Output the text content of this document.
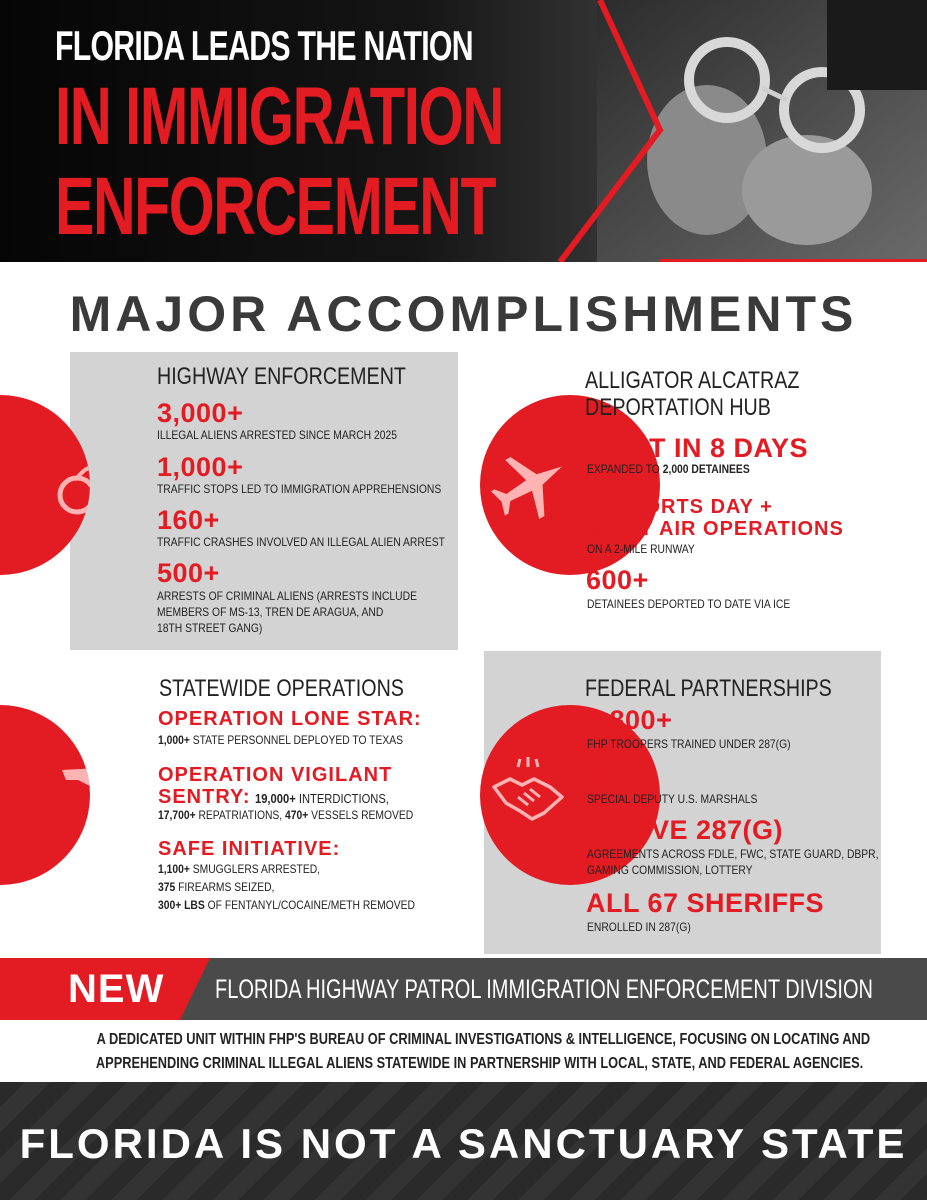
FLORIDA LEADS THE NATION
IN IMMIGRATION
ENFORCEMENT
MAJOR ACCOMPLISHMENTS
HIGHWAY ENFORCEMENT
3,000+
ILLEGAL ALIENS ARRESTED SINCE MARCH 2025
1,000+
TRAFFIC STOPS LED TO IMMIGRATION APPREHENSIONS
160+
TRAFFIC CRASHES INVOLVED AN ILLEGAL ALIEN ARREST
500+
ARRESTS OF CRIMINAL ALIENS (ARRESTS INCLUDE
MEMBERS OF MS-13, TREN DE ARAGUA, AND
18TH STREET GANG)
ALLIGATOR ALCATRAZ
DEPORTATION HUB
BUILT IN 8 DAYS
EXPANDED TO 2,000 DETAINEES
SUPPORTS DAY +
NIGHT AIR OPERATIONS
ON A 2-MILE RUNWAY
600+
DETAINEES DEPORTED TO DATE VIA ICE
STATEWIDE OPERATIONS
OPERATION LONE STAR:
1,000+ STATE PERSONNEL DEPLOYED TO TEXAS
OPERATION VIGILANT
SENTRY: 19,000+ INTERDICTIONS,
17,700+ REPATRIATIONS, 470+ VESSELS REMOVED
SAFE INITIATIVE:
1,100+ SMUGGLERS ARRESTED,
375 FIREARMS SEIZED,
300+ LBS OF FENTANYL/COCAINE/METH REMOVED
FEDERAL PARTNERSHIPS
1,800+
FHP TROOPERS TRAINED UNDER 287(G)
100+
SPECIAL DEPUTY U.S. MARSHALS
ACTIVE 287(G)
AGREEMENTS ACROSS FDLE, FWC, STATE GUARD, DBPR,
GAMING COMMISSION, LOTTERY
ALL 67 SHERIFFS
ENROLLED IN 287(G)
NEW FLORIDA HIGHWAY PATROL IMMIGRATION ENFORCEMENT DIVISION
A DEDICATED UNIT WITHIN FHP'S BUREAU OF CRIMINAL INVESTIGATIONS & INTELLIGENCE, FOCUSING ON LOCATING AND
APPREHENDING CRIMINAL ILLEGAL ALIENS STATEWIDE IN PARTNERSHIP WITH LOCAL, STATE, AND FEDERAL AGENCIES.
FLORIDA IS NOT A SANCTUARY STATE
